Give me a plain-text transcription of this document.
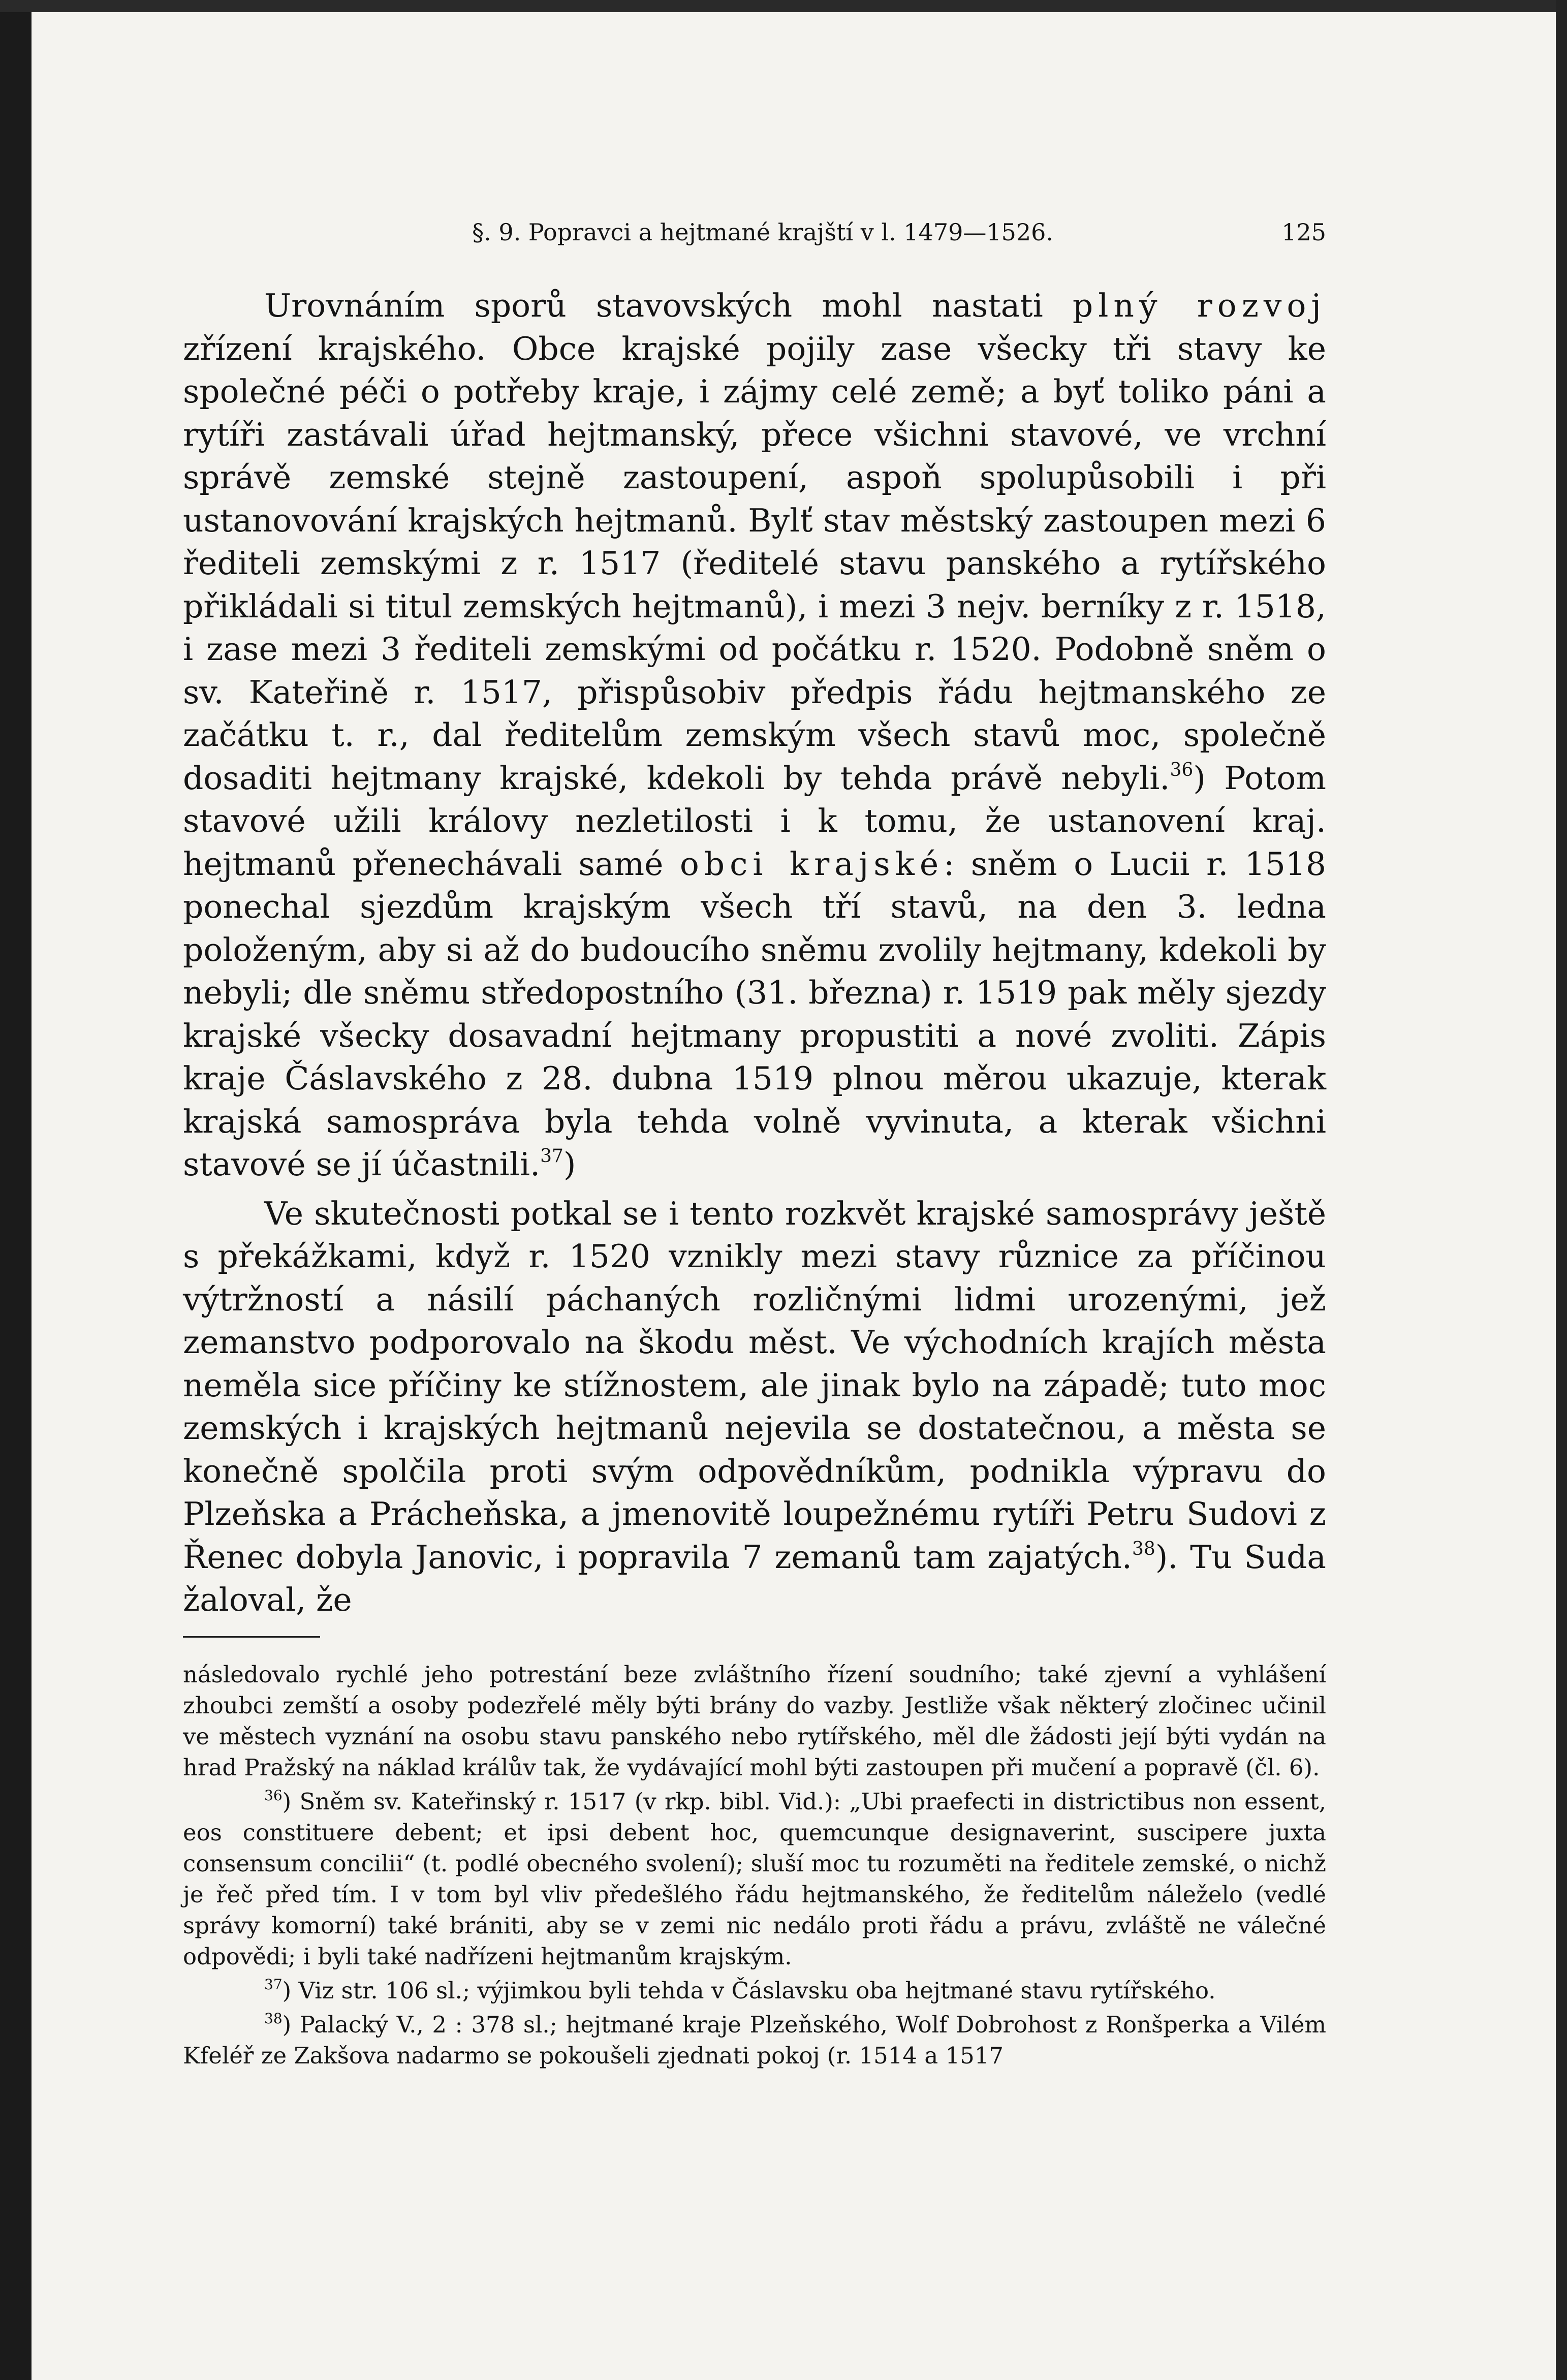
§. 9. Popravci a hejtmané krajští v l. 1479—1526.	125

Urovnáním sporů stavovských mohl nastati plný rozvoj zřízení krajského. Obce krajské pojily zase všecky tři stavy ke společné péči o potřeby kraje, i zájmy celé země; a byť toliko páni a rytíři zastávali úřad hejtmanský, přece všichni stavové, ve vrchní správě zemské stejně zastoupení, aspoň spolupůsobili i při ustanovování krajských hejtmanů. Bylť stav městský zastoupen mezi 6 řediteli zemskými z r. 1517 (ředitelé stavu panského a rytířského přikládali si titul zemských hejtmanů), i mezi 3 nejv. berníky z r. 1518, i zase mezi 3 řediteli zemskými od počátku r. 1520. Podobně sněm o sv. Kateřině r. 1517, přispůsobiv předpis řádu hejtmanského ze začátku t. r., dal ředitelům zemským všech stavů moc, společně dosaditi hejtmany krajské, kdekoli by tehda právě nebyli.$^{36}$) Potom stavové užili královy nezletilosti i k tomu, že ustanovení kraj. hejtmanů přenechávali samé obci krajské: sněm o Lucii r. 1518 ponechal sjezdům krajským všech tří stavů, na den 3. ledna položeným, aby si až do budoucího sněmu zvolily hejtmany, kdekoli by nebyli; dle sněmu středopostního (31. března) r. 1519 pak měly sjezdy krajské všecky dosavadní hejtmany propustiti a nové zvoliti. Zápis kraje Čáslavského z 28. dubna 1519 plnou měrou ukazuje, kterak krajská samospráva byla tehda volně vyvinuta, a kterak všichni stavové se jí účastnili.$^{37}$)

Ve skutečnosti potkal se i tento rozkvět krajské samosprávy ještě s překážkami, když r. 1520 vznikly mezi stavy různice za příčinou výtržností a násilí páchaných rozličnými lidmi urozenými, jež zemanstvo podporovalo na škodu měst. Ve východních krajích města neměla sice příčiny ke stížnostem, ale jinak bylo na západě; tuto moc zemských i krajských hejtmanů nejevila se dostatečnou, a města se konečně spolčila proti svým odpovědníkům, podnikla výpravu do Plzeňska a Prácheňska, a jmenovitě loupežnému rytíři Petru Sudovi z Řenec dobyla Janovic, i popravila 7 zemanů tam zajatých.$^{38}$). Tu Suda žaloval, že

následovalo rychlé jeho potrestání beze zvláštního řízení soudního; také zjevní a vyhlášení zhoubci zemští a osoby podezřelé měly býti brány do vazby. Jestliže však některý zločinec učinil ve městech vyznání na osobu stavu panského nebo rytířského, měl dle žádosti její býti vydán na hrad Pražský na náklad králův tak, že vydávající mohl býti zastoupen při mučení a popravě (čl. 6).

$^{36}$) Sněm sv. Kateřinský r. 1517 (v rkp. bibl. Vid.): „Ubi praefecti in districtibus non essent, eos constituere debent; et ipsi debent hoc, quemcunque designaverint, suscipere juxta consensum concilii“ (t. podlé obecného svolení); sluší moc tu rozuměti na ředitele zemské, o nichž je řeč před tím. I v tom byl vliv předešlého řádu hejtmanského, že ředitelům náleželo (vedlé správy komorní) také brániti, aby se v zemi nic nedálo proti řádu a právu, zvláště ne válečné odpovědi; i byli také nadřízeni hejtmanům krajským.

$^{37}$) Viz str. 106 sl.; výjimkou byli tehda v Čáslavsku oba hejtmané stavu rytířského.

$^{38}$) Palacký V., 2 : 378 sl.; hejtmané kraje Plzeňského, Wolf Dobrohost z Ronšperka a Vilém Kfeléř ze Zakšova nadarmo se pokoušeli zjednati pokoj (r. 1514 a 1517
